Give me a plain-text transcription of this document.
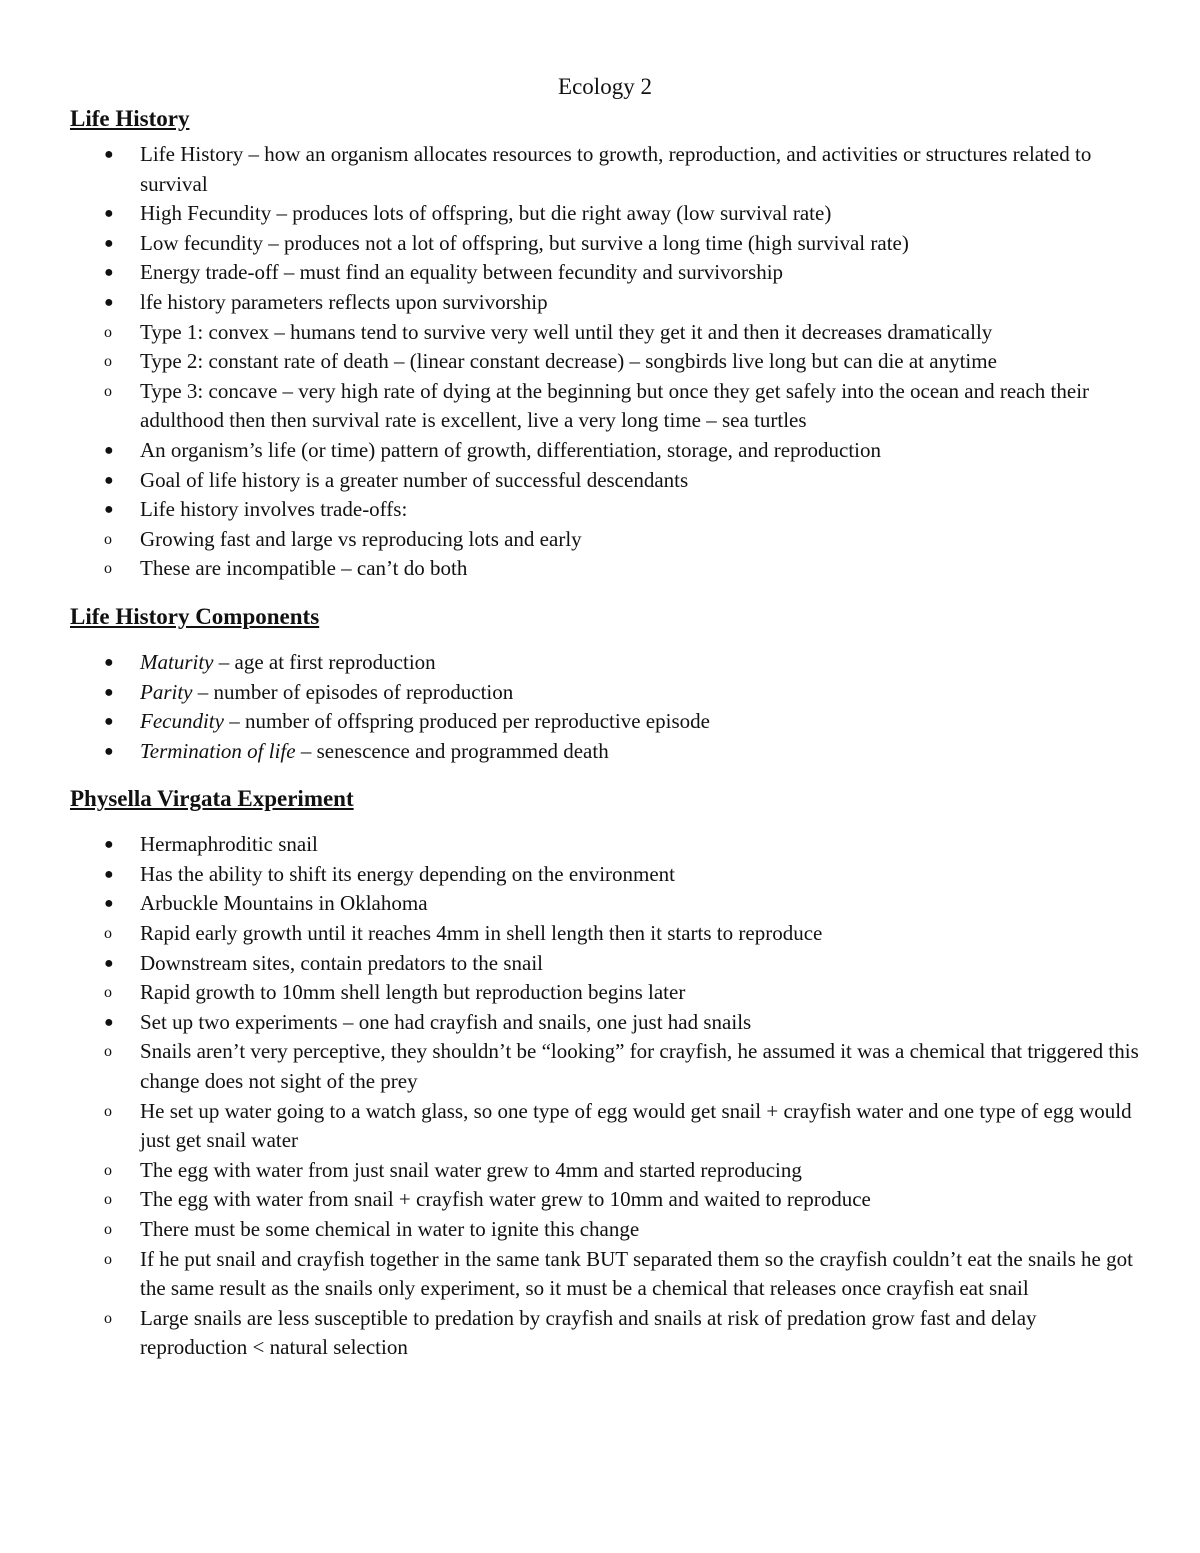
Ecology 2
Life History
● Life History – how an organism allocates resources to growth, reproduction, and activities or structures related to survival
● High Fecundity – produces lots of offspring, but die right away (low survival rate)
● Low fecundity – produces not a lot of offspring, but survive a long time (high survival rate)
● Energy trade-off – must find an equality between fecundity and survivorship
● lfe history parameters reflects upon survivorship
o Type 1: convex – humans tend to survive very well until they get it and then it decreases dramatically
o Type 2: constant rate of death – (linear constant decrease) – songbirds live long but can die at anytime
o Type 3: concave – very high rate of dying at the beginning but once they get safely into the ocean and reach their adulthood then then survival rate is excellent, live a very long time – sea turtles
● An organism’s life (or time) pattern of growth, differentiation, storage, and reproduction
● Goal of life history is a greater number of successful descendants
● Life history involves trade-offs:
o Growing fast and large vs reproducing lots and early
o These are incompatible – can’t do both
Life History Components
● Maturity – age at first reproduction
● Parity – number of episodes of reproduction
● Fecundity – number of offspring produced per reproductive episode
● Termination of life – senescence and programmed death
Physella Virgata Experiment
● Hermaphroditic snail
● Has the ability to shift its energy depending on the environment
● Arbuckle Mountains in Oklahoma
o Rapid early growth until it reaches 4mm in shell length then it starts to reproduce
● Downstream sites, contain predators to the snail
o Rapid growth to 10mm shell length but reproduction begins later
● Set up two experiments – one had crayfish and snails, one just had snails
o Snails aren’t very perceptive, they shouldn’t be “looking” for crayfish, he assumed it was a chemical that triggered this change does not sight of the prey
o He set up water going to a watch glass, so one type of egg would get snail + crayfish water and one type of egg would just get snail water
o The egg with water from just snail water grew to 4mm and started reproducing
o The egg with water from snail + crayfish water grew to 10mm and waited to reproduce
o There must be some chemical in water to ignite this change
o If he put snail and crayfish together in the same tank BUT separated them so the crayfish couldn’t eat the snails he got the same result as the snails only experiment, so it must be a chemical that releases once crayfish eat snail
o Large snails are less susceptible to predation by crayfish and snails at risk of predation grow fast and delay reproduction < natural selection
